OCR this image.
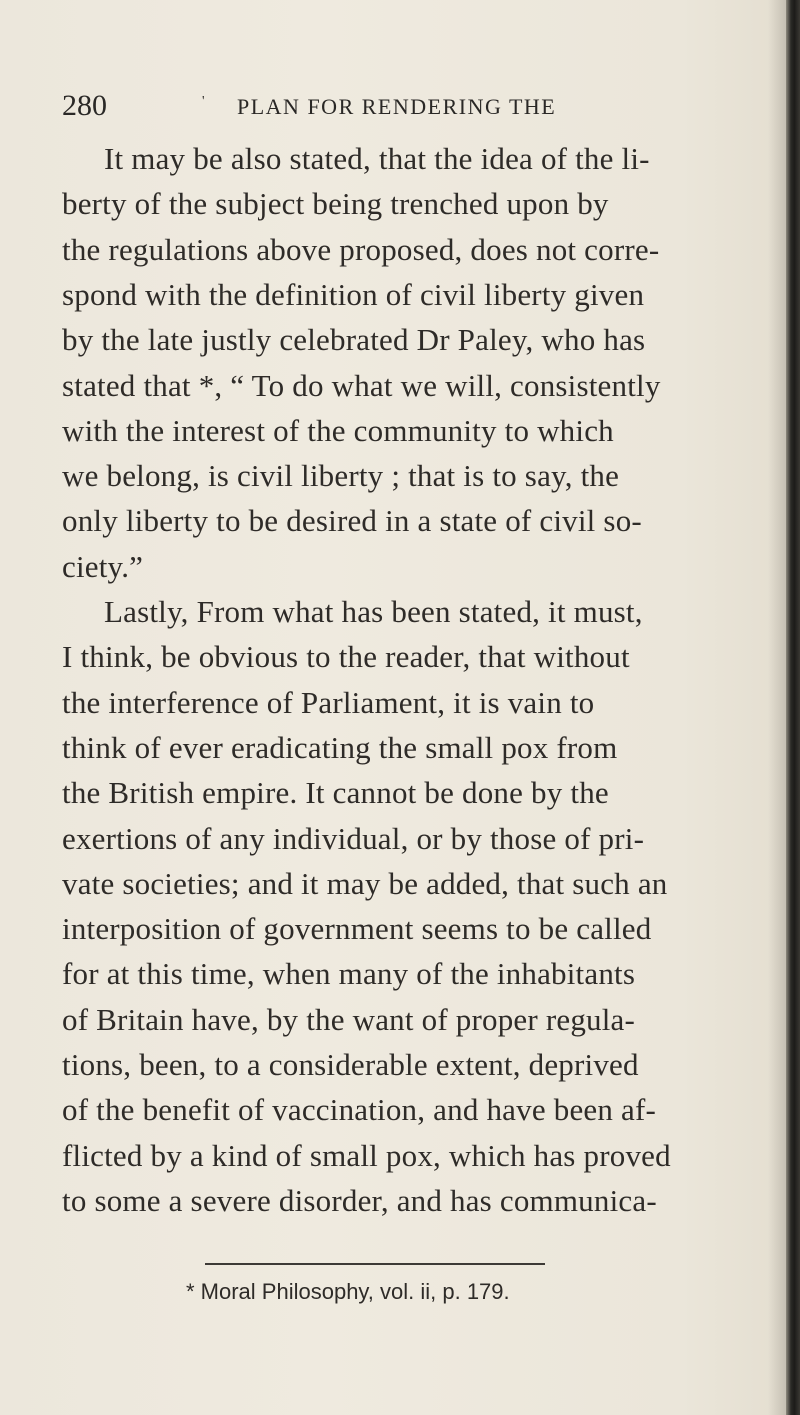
280	' PLAN FOR RENDERING THE
It may be also stated, that the idea of the li-
berty of the subject being trenched upon by
the regulations above proposed, does not corre-
spond with the definition of civil liberty given
by the late justly celebrated Dr Paley, who has
stated that *, “ To do what we will, consistently
with the interest of the community to which
we belong, is civil liberty ; that is to say, the
only liberty to be desired in a state of civil so-
ciety.”
Lastly, From what has been stated, it must,
I think, be obvious to the reader, that without
the interference of Parliament, it is vain to
think of ever eradicating the small pox from
the British empire. It cannot be done by the
exertions of any individual, or by those of pri-
vate societies; and it may be added, that such an
interposition of government seems to be called
for at this time, when many of the inhabitants
of Britain have, by the want of proper regula-
tions, been, to a considerable extent, deprived
of the benefit of vaccination, and have been af-
flicted by a kind of small pox, which has proved
to some a severe disorder, and has communica-
* Moral Philosophy, vol. ii, p. 179.
